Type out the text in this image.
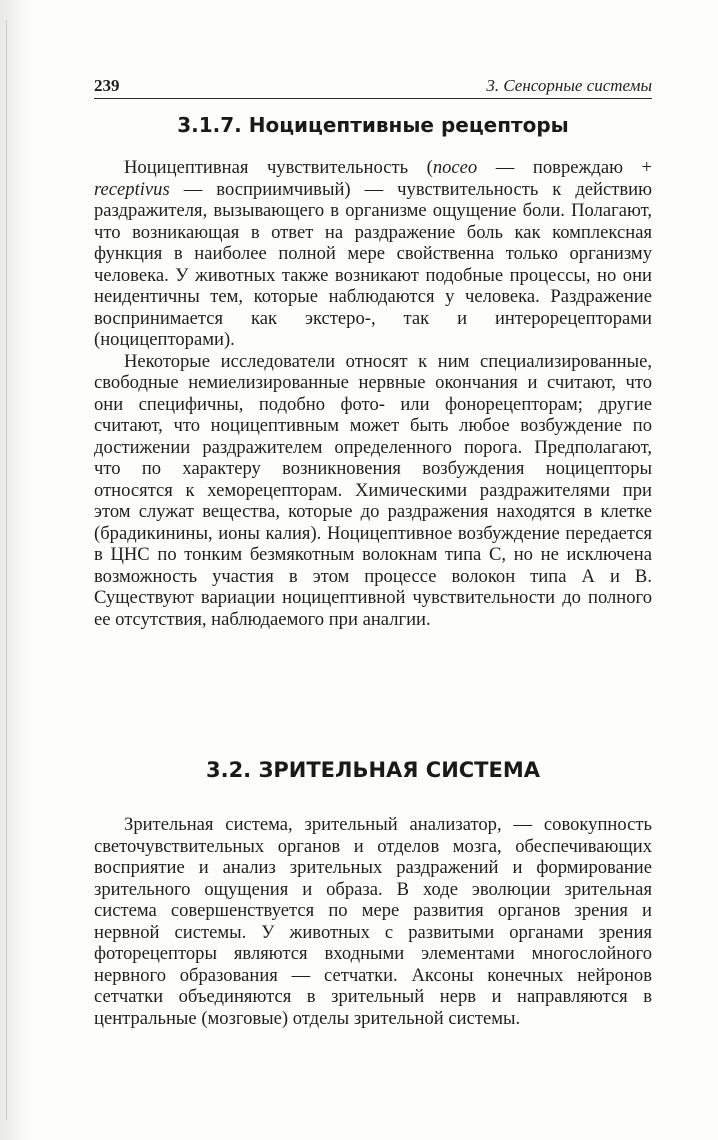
239	3. Сенсорные системы
3.1.7. Ноцицептивные рецепторы

Ноцицептивная чувствительность (noceo — повреждаю + receptivus — восприимчивый) — чувствительность к действию раздражителя, вызывающего в организме ощущение боли. Полагают, что возникающая в ответ на раздражение боль как комплексная функция в наиболее полной мере свойственна только организму человека. У животных также возникают подобные процессы, но они неидентичны тем, которые наблюдаются у человека. Раздражение воспринимается как экстеро-, так и интерорецепторами (ноцицепторами).

Некоторые исследователи относят к ним специализированные, свободные немиелизированные нервные окончания и считают, что они специфичны, подобно фото- или фонорецепторам; другие считают, что ноцицептивным может быть любое возбуждение по достижении раздражителем определенного порога. Предполагают, что по характеру возникновения возбуждения ноцицепторы относятся к хеморецепторам. Химическими раздражителями при этом служат вещества, которые до раздражения находятся в клетке (брадикинины, ионы калия). Ноцицептивное возбуждение передается в ЦНС по тонким безмякотным волокнам типа С, но не исключена возможность участия в этом процессе волокон типа А и В. Существуют вариации ноцицептивной чувствительности до полного ее отсутствия, наблюдаемого при аналгии.

3.2. ЗРИТЕЛЬНАЯ СИСТЕМА

Зрительная система, зрительный анализатор, — совокупность светочувствительных органов и отделов мозга, обеспечивающих восприятие и анализ зрительных раздражений и формирование зрительного ощущения и образа. В ходе эволюции зрительная система совершенствуется по мере развития органов зрения и нервной системы. У животных с развитыми органами зрения фоторецепторы являются входными элементами многослойного нервного образования — сетчатки. Аксоны конечных нейронов сетчатки объединяются в зрительный нерв и направляются в центральные (мозговые) отделы зрительной системы.
